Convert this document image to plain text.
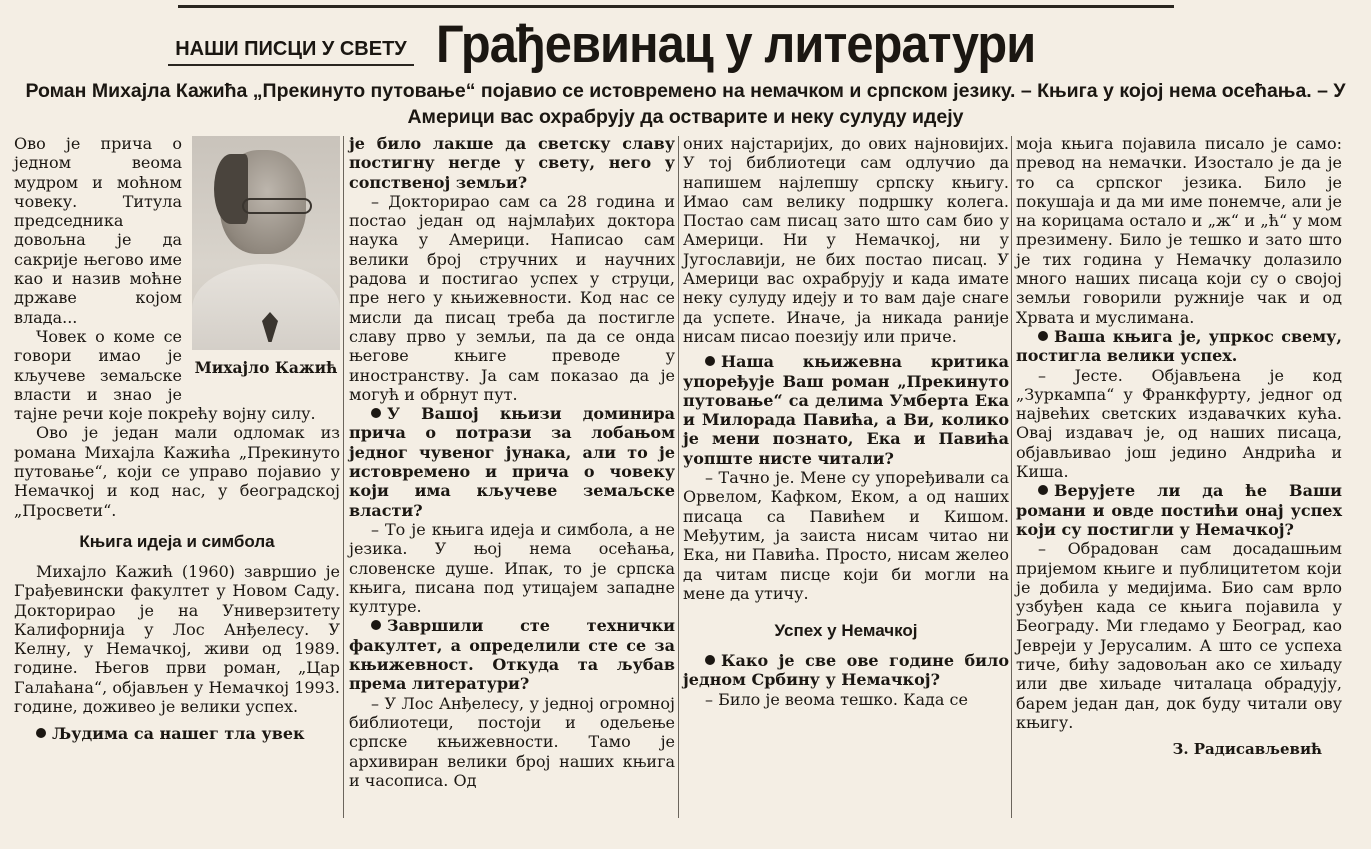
НАШИ ПИСЦИ У СВЕТУ Грађевинац у литератури
Роман Михајла Кажића „Прекинуто путовање“ појавио се истовремено на немачком и српском језику. – Књига у којој нема осећања. – У Америци вас охрабрују да остварите и неку сулуду идеју
Михајло Кажић

Ово је прича о једном веома мудром и моћном човеку. Титула председника довољна је да сакрије његово име као и назив моћне државе којом влада...

Човек о коме се говори имао је кључеве земаљске власти и знао је тајне речи које покрећу војну силу.

Ово је један мали одломак из романа Михајла Кажића „Прекинуто путовање“, који се управо појавио у Немачкој и код нас, у београдској „Просвети“.

Књига идеја и симбола

Михајло Кажић (1960) завршио је Грађевински факултет у Новом Саду. Докторирао је на Универзитету Калифорнија у Лос Анђелесу. У Келну, у Немачкој, живи од 1989. године. Његов први роман, „Цар Галаћана“, објављен у Немачкој 1993. године, доживео је велики успех.

Људима са нашег тла увек

је било лакше да светску славу постигну негде у свету, него у сопственој земљи?

– Докторирао сам са 28 година и постао један од најмлађих доктора наука у Америци. Написао сам велики број стручних и научних радова и постигао успех у струци, пре него у књижевности. Код нас се мисли да писац треба да постигле славу прво у земљи, па да се онда његове књиге преводе у иностранству. Ја сам показао да је могућ и обрнут пут.

У Вашој књизи доминира прича о потрази за лобањом једног чувеног јунака, али то је истовремено и прича о човеку који има кључеве земаљске власти?

– То је књига идеја и симбола, а не језика. У њој нема осећања, словенске душе. Ипак, то је српска књига, писана под утицајем западне културе.

Завршили сте технички факултет, а определили сте се за књижевност. Откуда та љубав према литератури?

– У Лос Анђелесу, у једној огромној библиотеци, постоји и одељење српске књижевности. Тамо је архивиран велики број наших књига и часописа. Од

оних најстаријих, до ових најновијих. У тој библиотеци сам одлучио да напишем најлепшу српску књигу. Имао сам велику подршку колега. Постао сам писац зато што сам био у Америци. Ни у Немачкој, ни у Југославији, не бих постао писац. У Америци вас охрабрују и када имате неку сулуду идеју и то вам даје снаге да успете. Иначе, ја никада раније нисам писао поезију или приче.

Наша књижевна критика упоређује Ваш роман „Прекинуто путовање“ са делима Умберта Ека и Милорада Павића, а Ви, колико је мени познато, Ека и Павића уопште нисте читали?

– Тачно је. Мене су упоређивали са Орвелом, Кафком, Еком, а од наших писаца са Павићем и Кишом. Међутим, ја заиста нисам читао ни Ека, ни Павића. Просто, нисам желео да читам писце који би могли на мене да утичу.

Успех у Немачкој

Како је све ове године било једном Србину у Немачкој?

– Било је веома тешко. Када се

моја књига појавила писало је само: превод на немачки. Изостало је да је то са српског језика. Било је покушаја и да ми име понемче, али је на корицама остало и „ж“ и „ћ“ у мом презимену. Било је тешко и зато што је тих година у Немачку долазило много наших писаца који су о својој земљи говорили ружније чак и од Хрвата и муслимана.

Ваша књига је, упркос свему, постигла велики успех.

– Јесте. Објављена је код „Зуркампа“ у Франкфурту, једног од највећих светских издавачких кућа. Овај издавач је, од наших писаца, објављивао још једино Андрића и Киша.

Верујете ли да ће Ваши романи и овде постићи онај успех који су постигли у Немачкој?

– Обрадован сам досадашњим пријемом књиге и публицитетом који је добила у медијима. Био сам врло узбуђен када се књига појавила у Београду. Ми гледамо у Београд, као Јевреји у Јерусалим. А што се успеха тиче, бићу задовољан ако се хиљаду или две хиљаде читалаца обрадују, барем један дан, док буду читали ову књигу.

З. Радисављевић
